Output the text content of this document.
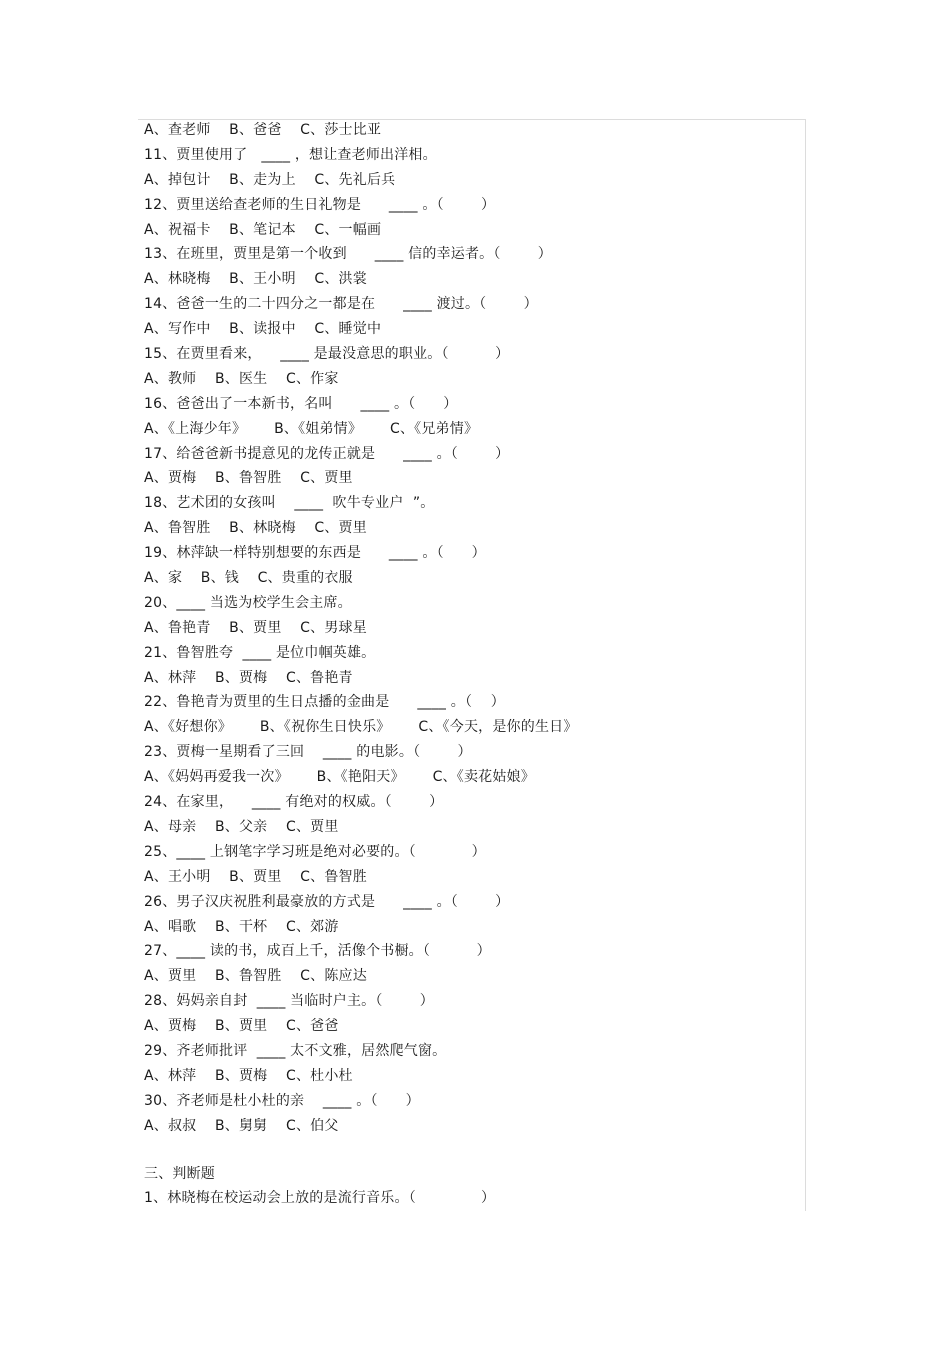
A、查老师    B、爸爸    C、莎士比亚
11、贾里使用了   ____ ，想让查老师出洋相。
A、掉包计    B、走为上    C、先礼后兵
12、贾里送给查老师的生日礼物是      ____ 。（        ）
A、祝福卡    B、笔记本    C、一幅画
13、在班里，贾里是第一个收到      ____ 信的幸运者。（        ）
A、林晓梅    B、王小明    C、洪裳
14、爸爸一生的二十四分之一都是在      ____ 渡过。（        ）
A、写作中    B、读报中    C、睡觉中
15、在贾里看来，    ____ 是最没意思的职业。（          ）
A、教师    B、医生    C、作家
16、爸爸出了一本新书，名叫      ____ 。（      ）
A、《上海少年》      B、《姐弟情》      C、《兄弟情》
17、给爸爸新书提意见的龙传正就是      ____ 。（        ）
A、贾梅    B、鲁智胜    C、贾里
18、艺术团的女孩叫    ____  吹牛专业户  ”。
A、鲁智胜    B、林晓梅    C、贾里
19、林萍缺一样特别想要的东西是      ____ 。（      ）
A、家    B、钱    C、贵重的衣服
20、____ 当选为校学生会主席。
A、鲁艳青    B、贾里    C、男球星
21、鲁智胜夸  ____ 是位巾帼英雄。
A、林萍    B、贾梅    C、鲁艳青
22、鲁艳青为贾里的生日点播的金曲是      ____ 。（    ）
A、《好想你》      B、《祝你生日快乐》      C、《今天，是你的生日》
23、贾梅一星期看了三回    ____ 的电影。（        ）
A、《妈妈再爱我一次》      B、《艳阳天》      C、《卖花姑娘》
24、在家里，    ____ 有绝对的权威。（        ）
A、母亲    B、父亲    C、贾里
25、____ 上钢笔字学习班是绝对必要的。（            ）
A、王小明    B、贾里    C、鲁智胜
26、男子汉庆祝胜利最豪放的方式是      ____ 。（        ）
A、唱歌    B、干杯    C、郊游
27、____ 读的书，成百上千，活像个书橱。（          ）
A、贾里    B、鲁智胜    C、陈应达
28、妈妈亲自封  ____ 当临时户主。（        ）
A、贾梅    B、贾里    C、爸爸
29、齐老师批评  ____ 太不文雅，居然爬气窗。
A、林萍    B、贾梅    C、杜小杜
30、齐老师是杜小杜的亲    ____ 。（      ）
A、叔叔    B、舅舅    C、伯父
三、判断题
1、林晓梅在校运动会上放的是流行音乐。（              ）
